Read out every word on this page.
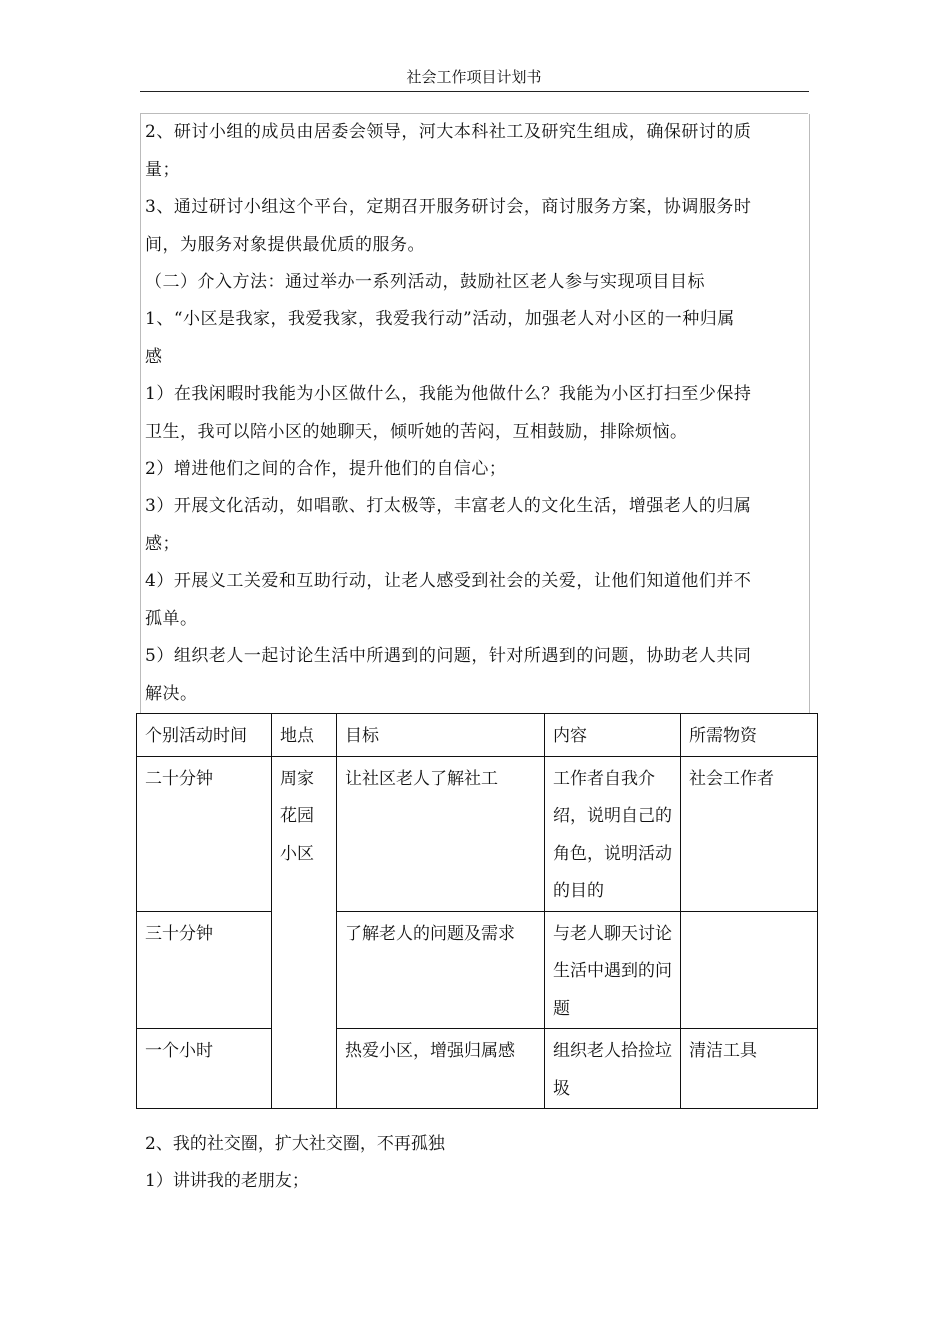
社会工作项目计划书
2、研讨小组的成员由居委会领导，河大本科社工及研究生组成，确保研讨的质
量；
3、通过研讨小组这个平台，定期召开服务研讨会，商讨服务方案，协调服务时
间，为服务对象提供最优质的服务。
（二）介入方法：通过举办一系列活动，鼓励社区老人参与实现项目目标
1、“小区是我家，我爱我家，我爱我行动”活动，加强老人对小区的一种归属
感
1）在我闲暇时我能为小区做什么，我能为他做什么？我能为小区打扫至少保持
卫生，我可以陪小区的她聊天，倾听她的苦闷，互相鼓励，排除烦恼。
2）增进他们之间的合作，提升他们的自信心；
3）开展文化活动，如唱歌、打太极等，丰富老人的文化生活，增强老人的归属
感；
4）开展义工关爱和互助行动，让老人感受到社会的关爱，让他们知道他们并不
孤单。
5）组织老人一起讨论生活中所遇到的问题，针对所遇到的问题，协助老人共同
解决。
个别活动时间	地点	目标	内容	所需物资
二十分钟	周家花园小区	让社区老人了解社工	工作者自我介绍，说明自己的角色，说明活动的目的	社会工作者
三十分钟		了解老人的问题及需求	与老人聊天讨论生活中遇到的问题	
一个小时		热爱小区，增强归属感	组织老人拾捡垃圾	清洁工具
2、我的社交圈，扩大社交圈，不再孤独
1）讲讲我的老朋友；
